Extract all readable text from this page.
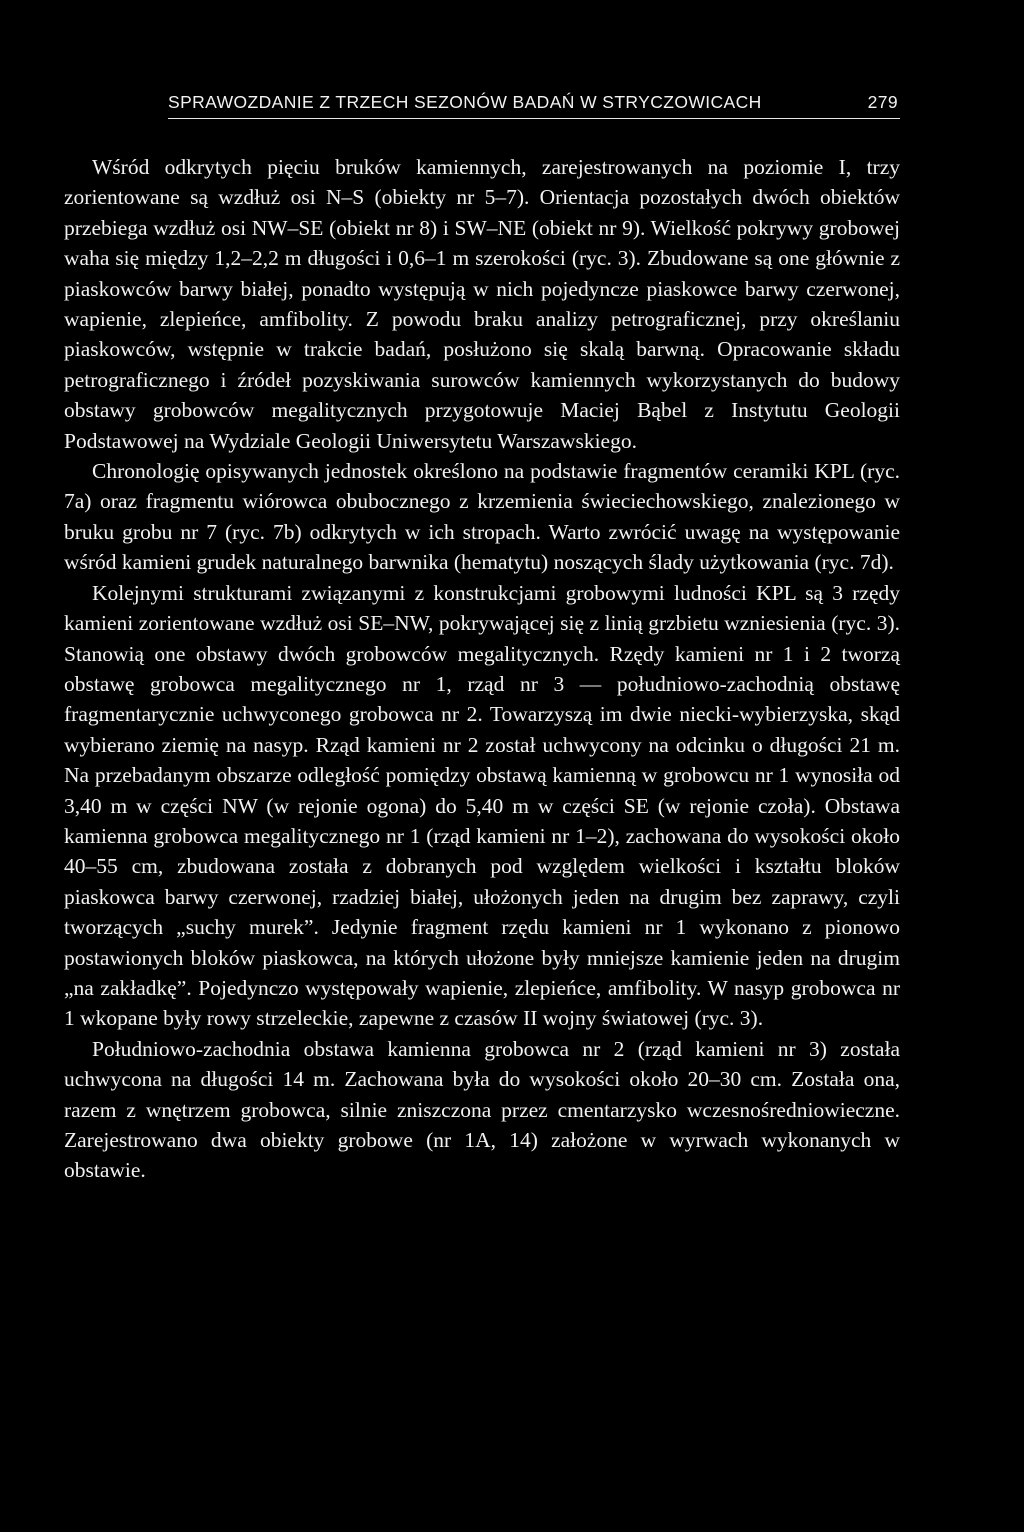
SPRAWOZDANIE Z TRZECH SEZONÓW BADAŃ W STRYCZOWICACH	279

Wśród odkrytych pięciu bruków kamiennych, zarejestrowanych na poziomie I, trzy zorientowane są wzdłuż osi N–S (obiekty nr 5–7). Orientacja pozostałych dwóch obiektów przebiega wzdłuż osi NW–SE (obiekt nr 8) i SW–NE (obiekt nr 9). Wielkość pokrywy grobowej waha się między 1,2–2,2 m długości i 0,6–1 m szerokości (ryc. 3). Zbudowane są one głównie z piaskowców barwy białej, ponadto występują w nich pojedyncze piaskowce barwy czerwonej, wapienie, zlepieńce, amfibolity. Z powodu braku analizy petrograficznej, przy określaniu piaskowców, wstępnie w trakcie badań, posłużono się skalą barwną. Opracowanie składu petrograficznego i źródeł pozyskiwania surowców kamiennych wykorzystanych do budowy obstawy grobowców megalitycznych przygotowuje Maciej Bąbel z Instytutu Geologii Podstawowej na Wydziale Geologii Uniwersytetu Warszawskiego.

Chronologię opisywanych jednostek określono na podstawie fragmentów ceramiki KPL (ryc. 7a) oraz fragmentu wiórowca obubocznego z krzemienia świeciechowskiego, znalezionego w bruku grobu nr 7 (ryc. 7b) odkrytych w ich stropach. Warto zwrócić uwagę na występowanie wśród kamieni grudek naturalnego barwnika (hematytu) noszących ślady użytkowania (ryc. 7d).

Kolejnymi strukturami związanymi z konstrukcjami grobowymi ludności KPL są 3 rzędy kamieni zorientowane wzdłuż osi SE–NW, pokrywającej się z linią grzbietu wzniesienia (ryc. 3). Stanowią one obstawy dwóch grobowców megalitycznych. Rzędy kamieni nr 1 i 2 tworzą obstawę grobowca megalitycznego nr 1, rząd nr 3 — południowo-zachodnią obstawę fragmentarycznie uchwyconego grobowca nr 2. Towarzyszą im dwie niecki-wybierzyska, skąd wybierano ziemię na nasyp. Rząd kamieni nr 2 został uchwycony na odcinku o długości 21 m. Na przebadanym obszarze odległość pomiędzy obstawą kamienną w grobowcu nr 1 wynosiła od 3,40 m w części NW (w rejonie ogona) do 5,40 m w części SE (w rejonie czoła). Obstawa kamienna grobowca megalitycznego nr 1 (rząd kamieni nr 1–2), zachowana do wysokości około 40–55 cm, zbudowana została z dobranych pod względem wielkości i kształtu bloków piaskowca barwy czerwonej, rzadziej białej, ułożonych jeden na drugim bez zaprawy, czyli tworzących „suchy murek”. Jedynie fragment rzędu kamieni nr 1 wykonano z pionowo postawionych bloków piaskowca, na których ułożone były mniejsze kamienie jeden na drugim „na zakładkę”. Pojedynczo występowały wapienie, zlepieńce, amfibolity. W nasyp grobowca nr 1 wkopane były rowy strzeleckie, zapewne z czasów II wojny światowej (ryc. 3).

Południowo-zachodnia obstawa kamienna grobowca nr 2 (rząd kamieni nr 3) została uchwycona na długości 14 m. Zachowana była do wysokości około 20–30 cm. Została ona, razem z wnętrzem grobowca, silnie zniszczona przez cmentarzysko wczesnośredniowieczne. Zarejestrowano dwa obiekty grobowe (nr 1A, 14) założone w wyrwach wykonanych w obstawie.
